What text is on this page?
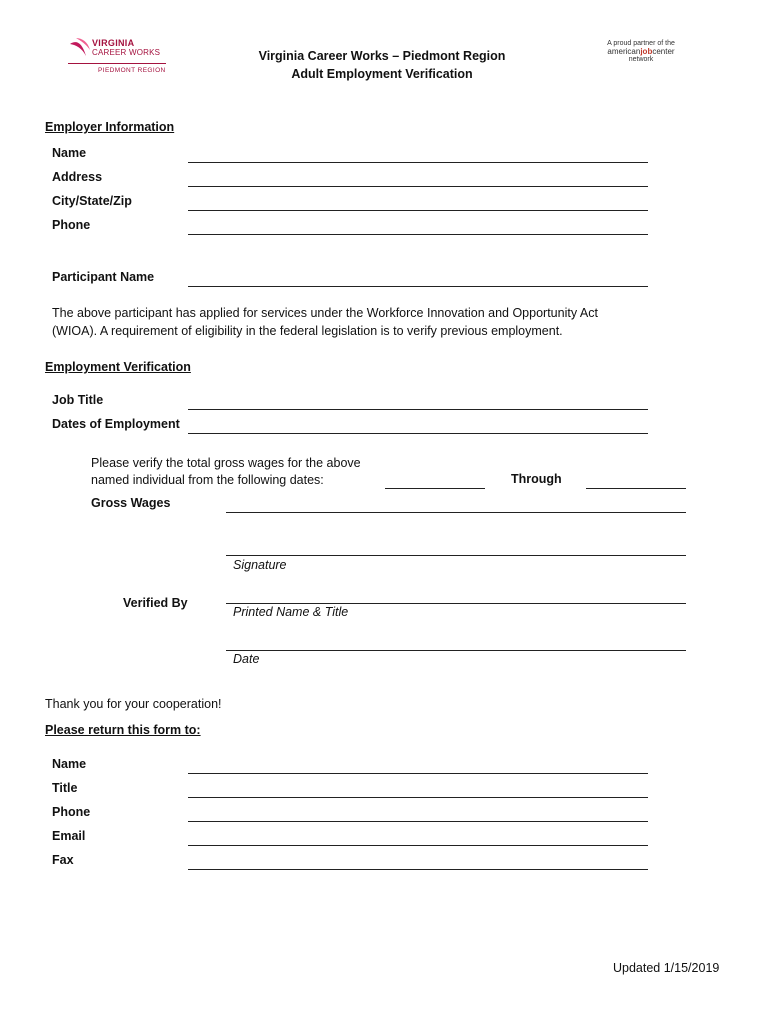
VIRGINIA
CAREER WORKS
PIEDMONT REGION
Virginia Career Works – Piedmont Region
Adult Employment Verification
A proud partner of the
americanjobcenter
network
Employer Information
Name
Address
City/State/Zip
Phone
Participant Name
The above participant has applied for services under the Workforce Innovation and Opportunity Act
(WIOA). A requirement of eligibility in the federal legislation is to verify previous employment.
Employment Verification
Job Title
Dates of Employment
Please verify the total gross wages for the above
named individual from the following dates:	Through
Gross Wages
Signature
Verified By
Printed Name & Title
Date
Thank you for your cooperation!
Please return this form to:
Name
Title
Phone
Email
Fax
Updated 1/15/2019
